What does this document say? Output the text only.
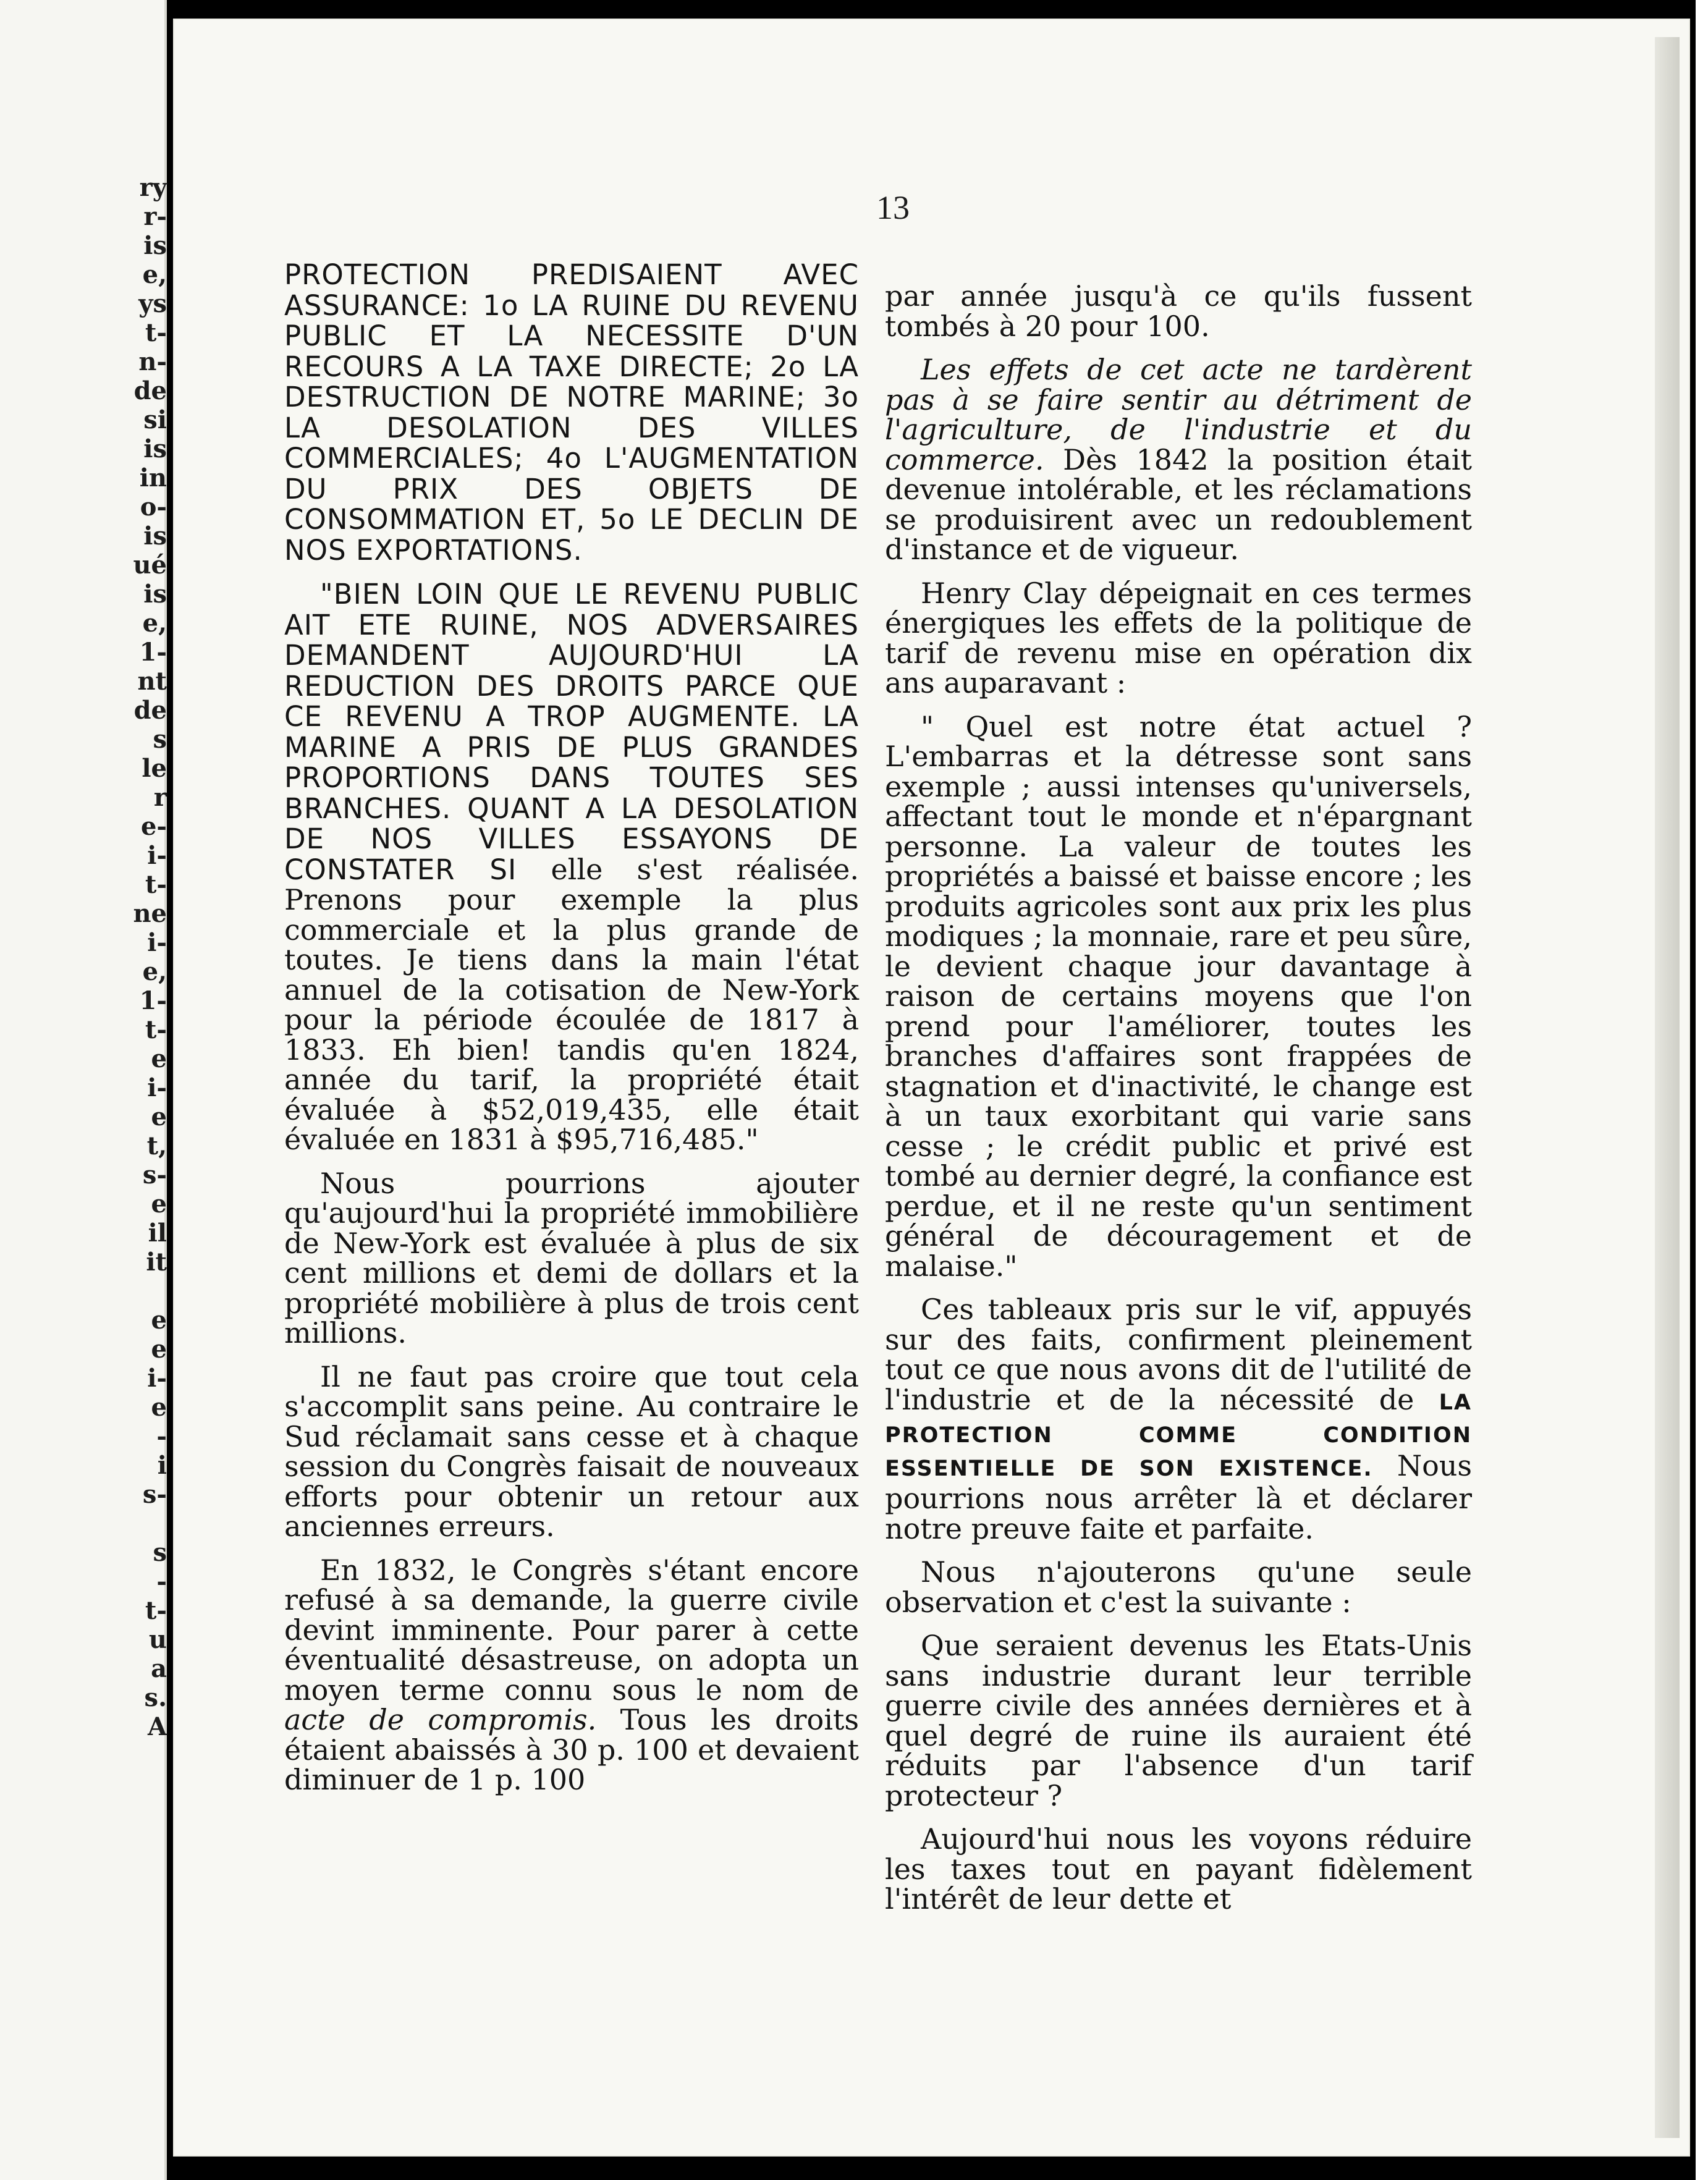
ry
r-
is
e,
ys
t-
n-
de
si
is
in
o-
is
ué
is
e,
1-
nt
de
s
le
r
e-
i-
t-
ne
i-
e,
1-
t-
e
i-
e
t,
s-
e
il
it

e
e
i-
e
-
i
s-

s
-
t-
u
a
s.
A
13

PROTECTION PREDISAIENT AVEC ASSURANCE: 1o LA RUINE DU REVENU PUBLIC ET LA NECESSITE D'UN RECOURS A LA TAXE DIRECTE; 2o LA DESTRUCTION DE NOTRE MARINE; 3o LA DESOLATION DES VILLES COMMERCIALES; 4o L'AUGMENTATION DU PRIX DES OBJETS DE CONSOMMATION ET, 5o LE DECLIN DE NOS EXPORTATIONS.

"BIEN LOIN QUE LE REVENU PUBLIC AIT ETE RUINE, NOS ADVERSAIRES DEMANDENT AUJOURD'HUI LA REDUCTION DES DROITS PARCE QUE CE REVENU A TROP AUGMENTE. LA MARINE A PRIS DE PLUS GRANDES PROPORTIONS DANS TOUTES SES BRANCHES. QUANT A LA DESOLATION DE NOS VILLES ESSAYONS DE CONSTATER SI elle s'est réalisée. Prenons pour exemple la plus commerciale et la plus grande de toutes. Je tiens dans la main l'état annuel de la cotisation de New-York pour la période écoulée de 1817 à 1833. Eh bien! tandis qu'en 1824, année du tarif, la propriété était évaluée à $52,019,435, elle était évaluée en 1831 à $95,716,485."

Nous pourrions ajouter qu'aujourd'hui la propriété immobilière de New-York est évaluée à plus de six cent millions et demi de dollars et la propriété mobilière à plus de trois cent millions.

Il ne faut pas croire que tout cela s'accomplit sans peine. Au contraire le Sud réclamait sans cesse et à chaque session du Congrès faisait de nouveaux efforts pour obtenir un retour aux anciennes erreurs.

En 1832, le Congrès s'étant encore refusé à sa demande, la guerre civile devint imminente. Pour parer à cette éventualité désastreuse, on adopta un moyen terme connu sous le nom de acte de compromis. Tous les droits étaient abaissés à 30 p. 100 et devaient diminuer de 1 p. 100

par année jusqu'à ce qu'ils fussent tombés à 20 pour 100.

Les effets de cet acte ne tardèrent pas à se faire sentir au détriment de l'agriculture, de l'industrie et du commerce. Dès 1842 la position était devenue intolérable, et les réclamations se produisirent avec un redoublement d'instance et de vigueur.

Henry Clay dépeignait en ces termes énergiques les effets de la politique de tarif de revenu mise en opération dix ans auparavant :

" Quel est notre état actuel ? L'embarras et la détresse sont sans exemple ; aussi intenses qu'universels, affectant tout le monde et n'épargnant personne. La valeur de toutes les propriétés a baissé et baisse encore ; les produits agricoles sont aux prix les plus modiques ; la monnaie, rare et peu sûre, le devient chaque jour davantage à raison de certains moyens que l'on prend pour l'améliorer, toutes les branches d'affaires sont frappées de stagnation et d'inactivité, le change est à un taux exorbitant qui varie sans cesse ; le crédit public et privé est tombé au dernier degré, la confiance est perdue, et il ne reste qu'un sentiment général de découragement et de malaise."

Ces tableaux pris sur le vif, appuyés sur des faits, confirment pleinement tout ce que nous avons dit de l'utilité de l'industrie et de la nécessité de LA PROTECTION COMME CONDITION ESSENTIELLE DE SON EXISTENCE. Nous pourrions nous arrêter là et déclarer notre preuve faite et parfaite.

Nous n'ajouterons qu'une seule observation et c'est la suivante :

Que seraient devenus les Etats-Unis sans industrie durant leur terrible guerre civile des années dernières et à quel degré de ruine ils auraient été réduits par l'absence d'un tarif protecteur ?

Aujourd'hui nous les voyons réduire les taxes tout en payant fidèlement l'intérêt de leur dette et
